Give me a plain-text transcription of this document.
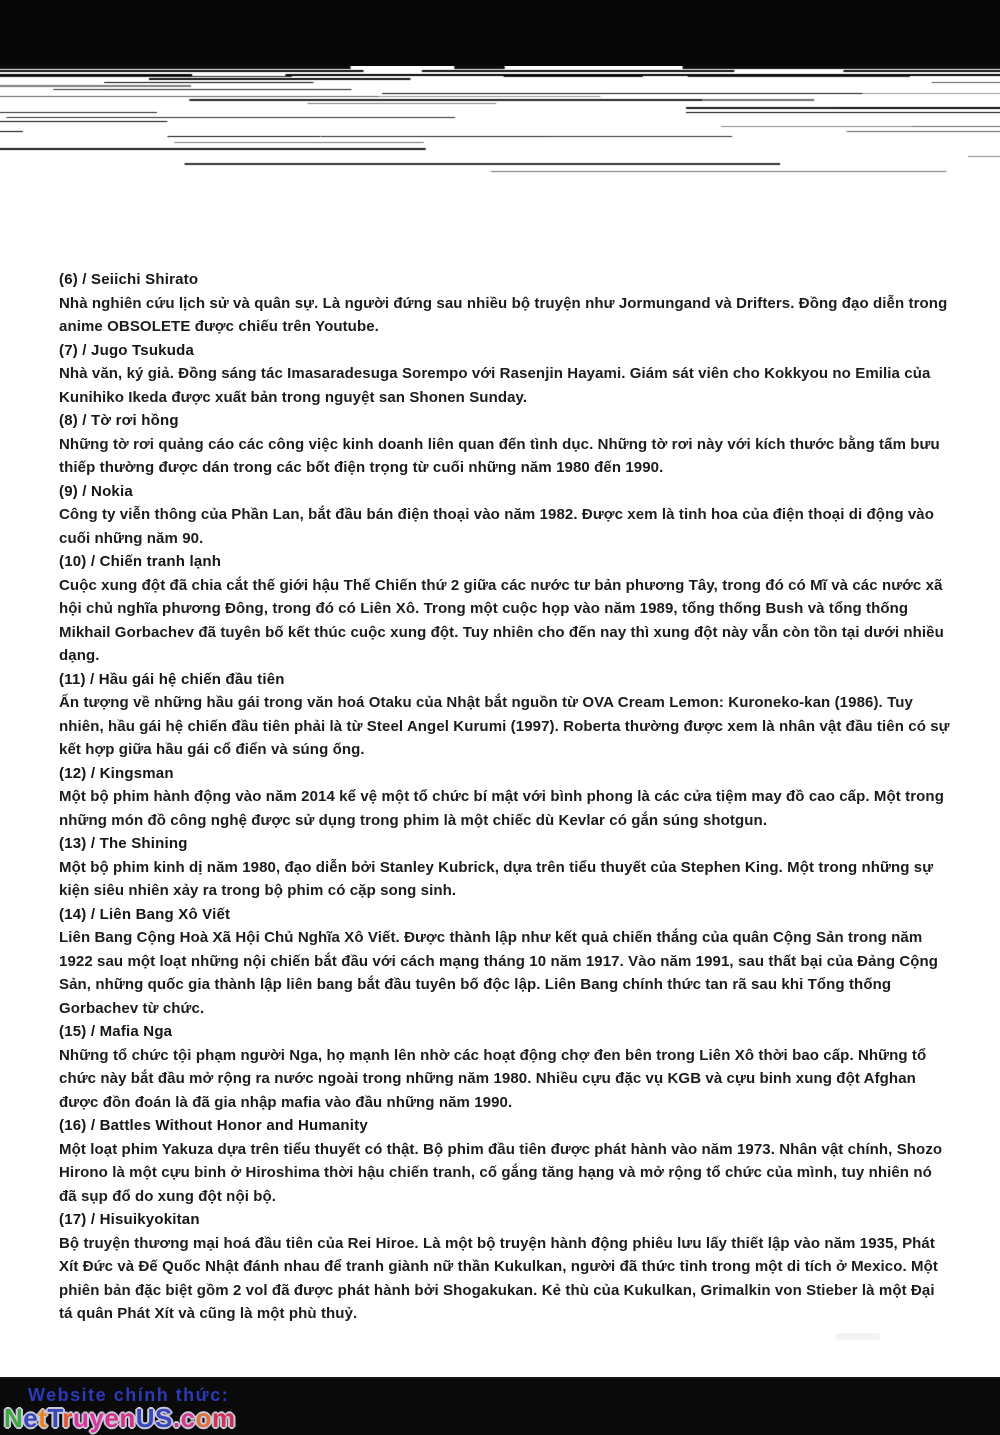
(6) / Seiichi Shirato
Nhà nghiên cứu lịch sử và quân sự. Là người đứng sau nhiều bộ truyện như Jormungand và Drifters. Đồng đạo diễn trong anime OBSOLETE được chiếu trên Youtube.
(7) / Jugo Tsukuda
Nhà văn, ký giả. Đồng sáng tác Imasaradesuga Sorempo với Rasenjin Hayami. Giám sát viên cho Kokkyou no Emilia của Kunihiko Ikeda được xuất bản trong nguyệt san Shonen Sunday.
(8) / Tờ rơi hồng
Những tờ rơi quảng cáo các công việc kinh doanh liên quan đến tình dục. Những tờ rơi này với kích thước bằng tấm bưu thiếp thường được dán trong các bốt điện trọng từ cuối những năm 1980 đến 1990.
(9) / Nokia
Công ty viễn thông của Phần Lan, bắt đầu bán điện thoại vào năm 1982. Được xem là tinh hoa của điện thoại di động vào cuối những năm 90.
(10) / Chiến tranh lạnh
Cuộc xung đột đã chia cắt thế giới hậu Thế Chiến thứ 2 giữa các nước tư bản phương Tây, trong đó có Mĩ và các nước xã hội chủ nghĩa phương Đông, trong đó có Liên Xô. Trong một cuộc họp vào năm 1989, tổng thống Bush và tổng thống Mikhail Gorbachev đã tuyên bố kết thúc cuộc xung đột. Tuy nhiên cho đến nay thì xung đột này vẫn còn tồn tại dưới nhiều dạng.
(11) / Hầu gái hệ chiến đầu tiên
Ấn tượng về những hầu gái trong văn hoá Otaku của Nhật bắt nguồn từ OVA Cream Lemon: Kuroneko-kan (1986). Tuy nhiên, hầu gái hệ chiến đầu tiên phải là từ Steel Angel Kurumi (1997). Roberta thường được xem là nhân vật đầu tiên có sự kết hợp giữa hầu gái cổ điển và súng ống.
(12) / Kingsman
Một bộ phim hành động vào năm 2014 kể vệ một tổ chức bí mật với bình phong là các cửa tiệm may đồ cao cấp. Một trong những món đồ công nghệ được sử dụng trong phim là một chiếc dù Kevlar có gắn súng shotgun.
(13) / The Shining
Một bộ phim kinh dị năm 1980, đạo diễn bởi Stanley Kubrick, dựa trên tiểu thuyết của Stephen King. Một trong những sự kiện siêu nhiên xảy ra trong bộ phim có cặp song sinh.
(14) / Liên Bang Xô Viết
Liên Bang Cộng Hoà Xã Hội Chủ Nghĩa Xô Viết. Được thành lập như kết quả chiến thắng của quân Cộng Sản trong năm 1922 sau một loạt những nội chiến bắt đầu với cách mạng tháng 10 năm 1917. Vào năm 1991, sau thất bại của Đảng Cộng Sản, những quốc gia thành lập liên bang bắt đầu tuyên bố độc lập. Liên Bang chính thức tan rã sau khi Tổng thống Gorbachev từ chức.
(15) / Mafia Nga
Những tổ chức tội phạm người Nga, họ mạnh lên nhờ các hoạt động chợ đen bên trong Liên Xô thời bao cấp. Những tổ chức này bắt đầu mở rộng ra nước ngoài trong những năm 1980. Nhiều cựu đặc vụ KGB và cựu binh xung đột Afghan được đồn đoán là đã gia nhập mafia vào đầu những năm 1990.
(16) / Battles Without Honor and Humanity
Một loạt phim Yakuza dựa trên tiểu thuyết có thật. Bộ phim đầu tiên được phát hành vào năm 1973. Nhân vật chính, Shozo Hirono là một cựu binh ở Hiroshima thời hậu chiến tranh, cố gắng tăng hạng và mở rộng tổ chức của mình, tuy nhiên nó đã sụp đổ do xung đột nội bộ.
(17) / Hisuikyokitan
Bộ truyện thương mại hoá đầu tiên của Rei Hiroe. Là một bộ truyện hành động phiêu lưu lấy thiết lập vào năm 1935, Phát Xít Đức và Đế Quốc Nhật đánh nhau để tranh giành nữ thần Kukulkan, người đã thức tỉnh trong một di tích ở Mexico. Một phiên bản đặc biệt gồm 2 vol đã được phát hành bởi Shogakukan. Kẻ thù của Kukulkan, Grimalkin von Stieber là một Đại tá quân Phát Xít và cũng là một phù thuỷ.
Website chính thức:
NetTruyenUS.com
